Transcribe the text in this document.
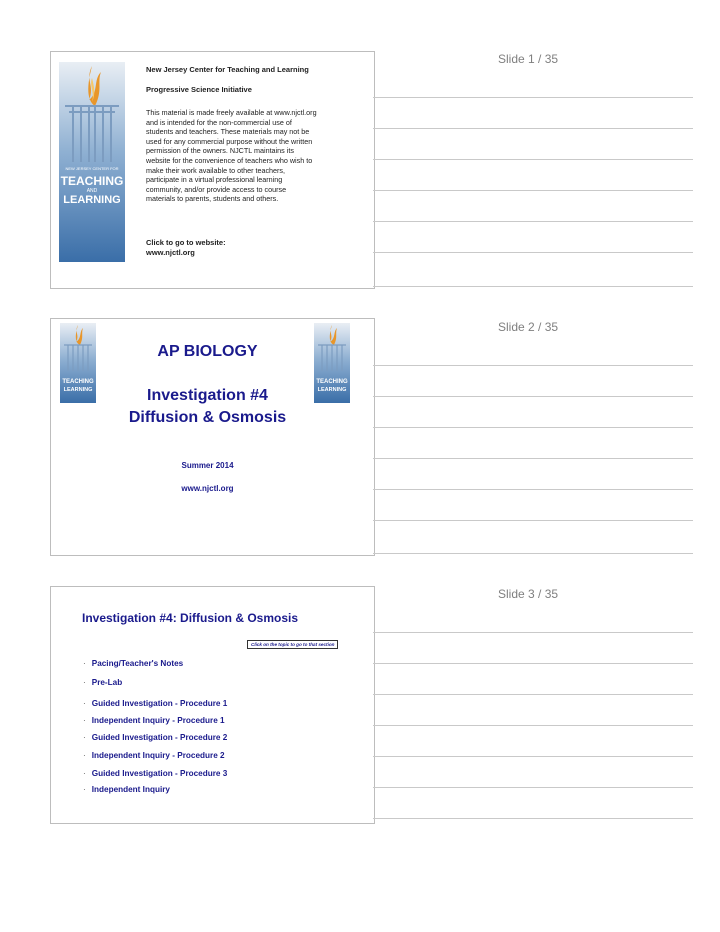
Slide 1 / 35
NEW JERSEY CENTER FOR
TEACHING
AND
LEARNING
New Jersey Center for Teaching and Learning
Progressive Science Initiative
This material is made freely available at www.njctl.org
and is intended for the non-commercial use of
students and teachers. These materials may not be
used for any commercial purpose without the written
permission of the owners. NJCTL maintains its
website for the convenience of teachers who wish to
make their work available to other teachers,
participate in a virtual professional learning
community, and/or provide access to course
materials to parents, students and others.
Click to go to website:
www.njctl.org
Slide 2 / 35
TEACHING
LEARNING
TEACHING
LEARNING
AP BIOLOGY
Investigation #4
Diffusion & Osmosis
Summer 2014
www.njctl.org
Slide 3 / 35
Investigation #4: Diffusion & Osmosis
Click on the topic to go to that section
· Pacing/Teacher's Notes
· Pre-Lab
· Guided Investigation - Procedure 1
· Independent Inquiry - Procedure 1
· Guided Investigation - Procedure 2
· Independent Inquiry - Procedure 2
· Guided Investigation - Procedure 3
· Independent Inquiry
